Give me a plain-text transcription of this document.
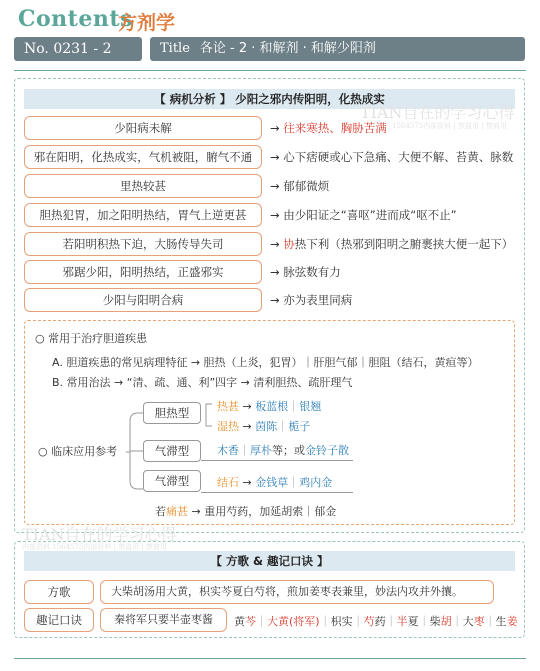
Contents
方剂学
No. 0231 - 2	Title 各论 - 2 · 和解剂 · 和解少阳剂
【 病机分析 】 少阳之邪内传阳明，化热成实
TIAN自在的学习心得
1564575内部资料 | 禁盗用 | 禁商用
少阳病未解	→ 往来寒热、胸胁苦满
邪在阳明，化热成实，气机被阻，腑气不通	→ 心下痞硬或心下急痛、大便不解、苔黄、脉数
里热较甚	→ 郁郁微烦
胆热犯胃，加之阳明热结，胃气上逆更甚	→ 由少阳证之“喜呕”进而成“呕不止”
若阳明积热下迫，大肠传导失司	→ 协热下利（热邪到阳明之腑裹挟大便一起下）
邪踞少阳，阳明热结，正盛邪实	→ 脉弦数有力
少阳与阳明合病	→ 亦为表里同病
○ 常用于治疗胆道疾患
A. 胆道疾患的常见病理特征 → 胆热（上炎，犯胃）｜肝胆气郁｜胆阻（结石，黄疸等）
B. 常用治法 → “清、疏、通、利”四字 → 清利胆热、疏肝理气
○ 临床应用参考
胆热型	热甚 → 板蓝根｜银翘
湿热 → 茵陈｜栀子
气滞型	木香｜厚朴等；或金铃子散
气滞型	结石 → 金钱草｜鸡内金
若痛甚 → 重用芍药，加延胡索｜郁金
TIAN自在的学习心得
内部资料 1564575内部资料 | 禁盗用 | 禁商用
【 方歌 & 趣记口诀 】
方歌	大柴胡汤用大黄，枳实芩夏白芍将，煎加姜枣表兼里，妙法内攻并外攘。
趣记口诀	秦将军只要半壶枣酱	黄芩｜大黄(将军)｜枳实｜芍药｜半夏｜柴胡｜大枣｜生姜
